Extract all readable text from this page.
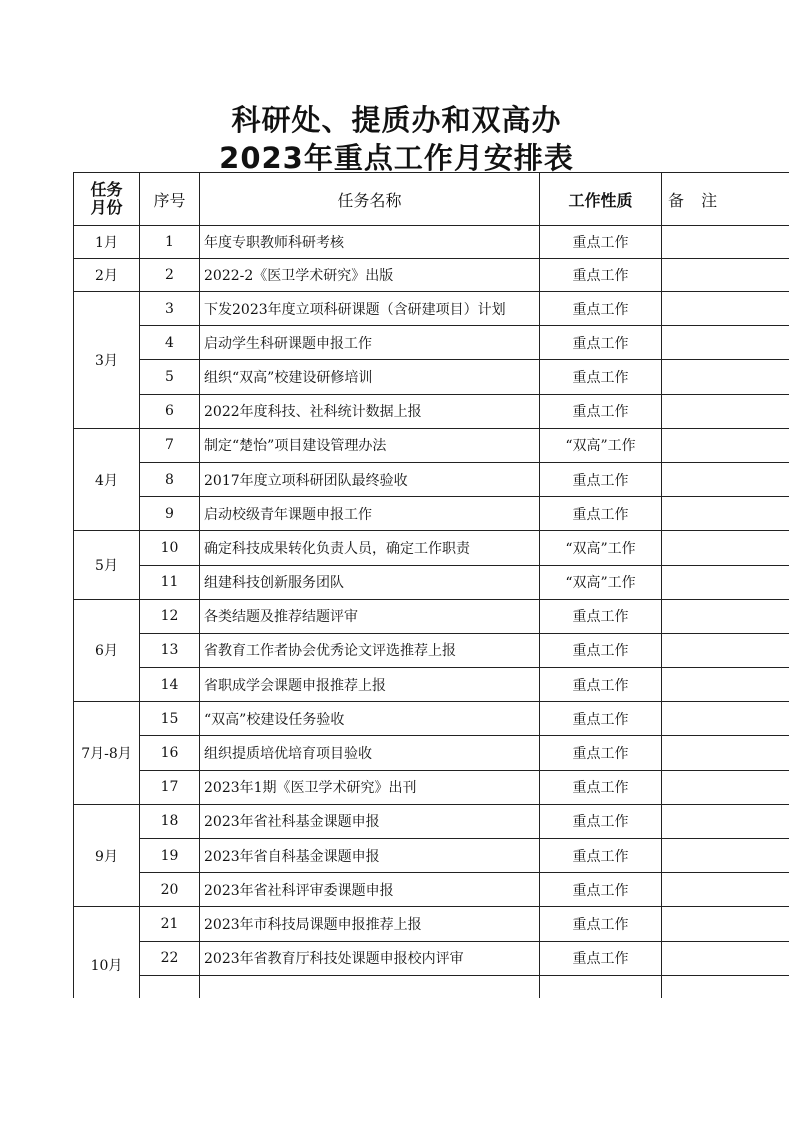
科研处、提质办和双高办
2023年重点工作月安排表
任务
月份	序号	任务名称	工作性质	备 注
1月	1	年度专职教师科研考核	重点工作	
2月	2	2022-2《医卫学术研究》出版	重点工作	
3月	3	下发2023年度立项科研课题（含研建项目）计划	重点工作	
	4	启动学生科研课题申报工作	重点工作	
	5	组织“双高”校建设研修培训	重点工作	
	6	2022年度科技、社科统计数据上报	重点工作	
4月	7	制定“楚怡”项目建设管理办法	“双高”工作	
	8	2017年度立项科研团队最终验收	重点工作	
	9	启动校级青年课题申报工作	重点工作	
5月	10	确定科技成果转化负责人员，确定工作职责	“双高”工作	
	11	组建科技创新服务团队	“双高”工作	
6月	12	各类结题及推荐结题评审	重点工作	
	13	省教育工作者协会优秀论文评选推荐上报	重点工作	
	14	省职成学会课题申报推荐上报	重点工作	
7月-8月	15	“双高”校建设任务验收	重点工作	
	16	组织提质培优培育项目验收	重点工作	
	17	2023年1期《医卫学术研究》出刊	重点工作	
9月	18	2023年省社科基金课题申报	重点工作	
	19	2023年省自科基金课题申报	重点工作	
	20	2023年省社科评审委课题申报	重点工作	
10月	21	2023年市科技局课题申报推荐上报	重点工作	
	22	2023年省教育厅科技处课题申报校内评审	重点工作	
